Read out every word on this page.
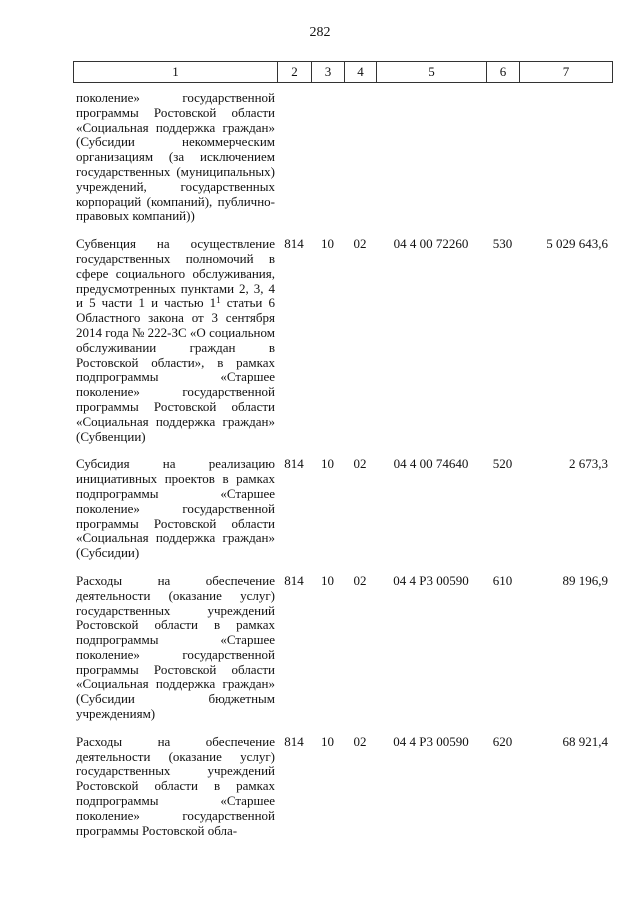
282
1	2	3	4	5	6	7
поколение» государственной программы Ростовской области «Социальная поддержка граждан» (Субсидии некоммерческим организациям (за исключением государственных (муниципальных) учреждений, государственных корпораций (компаний), публично-правовых компаний))						
Субвенция на осуществление государственных полномочий в сфере социального обслуживания, предусмотренных пунктами 2, 3, 4 и 5 части 1 и частью $1^1$ статьи 6 Областного закона от 3 сентября 2014 года № 222-ЗС «О социальном обслуживании граждан в Ростовской области», в рамках подпрограммы «Старшее поколение» государственной программы Ростовской области «Социальная поддержка граждан» (Субвенции)	814	10	02	04 4 00 72260	530	5 029 643,6
Субсидия на реализацию инициативных проектов в рамках подпрограммы «Старшее поколение» государственной программы Ростовской области «Социальная поддержка граждан» (Субсидии)	814	10	02	04 4 00 74640	520	2 673,3
Расходы на обеспечение деятельности (оказание услуг) государственных учреждений Ростовской области в рамках подпрограммы «Старшее поколение» государственной программы Ростовской области «Социальная поддержка граждан» (Субсидии бюджетным учреждениям)	814	10	02	04 4 Р3 00590	610	89 196,9
Расходы на обеспечение деятельности (оказание услуг) государственных учреждений Ростовской области в рамках подпрограммы «Старшее поколение» государственной программы Ростовской обла-	814	10	02	04 4 Р3 00590	620	68 921,4
